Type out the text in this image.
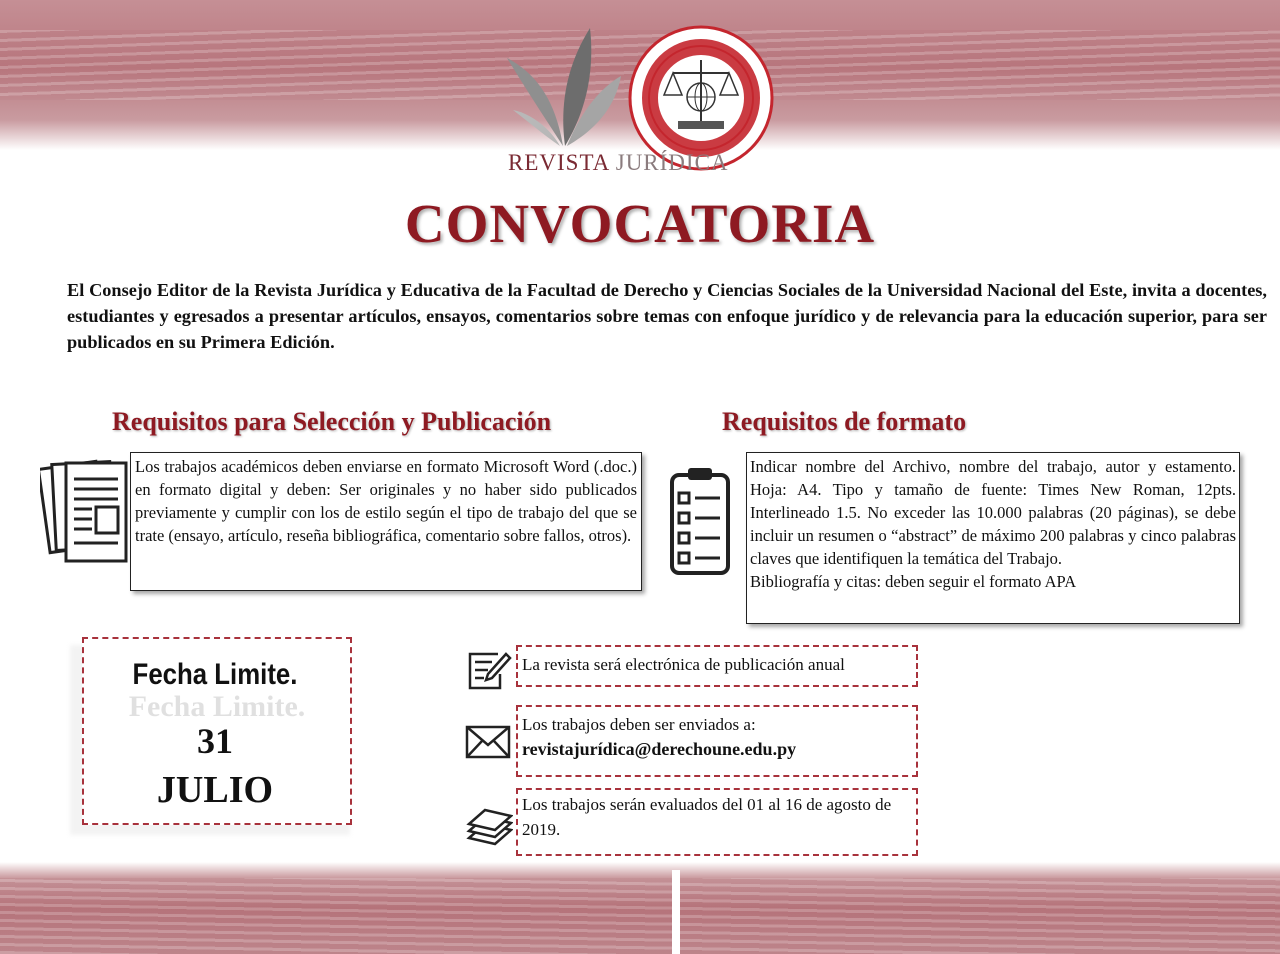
REVISTA JURÍDICA
CONVOCATORIA
El Consejo Editor de la Revista Jurídica y Educativa de la Facultad de Derecho y Ciencias Sociales de la Universidad Nacional del Este, invita a docentes, estudiantes y egresados a presentar artículos, ensayos, comentarios sobre temas con enfoque jurídico y de relevancia para la educación superior, para ser publicados en su Primera Edición.
Requisitos para Selección y Publicación

Los trabajos académicos deben enviarse en formato Microsoft Word (.doc.) en formato digital y deben: Ser originales y no haber sido publicados previamente y cumplir con los de estilo según el tipo de trabajo del que se trate (ensayo, artículo, reseña bibliográfica, comentario sobre fallos, otros).

Requisitos de formato

Indicar nombre del Archivo, nombre del trabajo, autor y estamento. Hoja: A4. Tipo y tamaño de fuente: Times New Roman, 12pts. Interlineado 1.5. No exceder las 10.000 palabras (20 páginas), se debe incluir un resumen o “abstract” de máximo 200 palabras y cinco palabras claves que identifiquen la temática del Trabajo.

Bibliografía y citas: deben seguir el formato APA

Fecha Limite.
Fecha Limite.
31
JULIO
La revista será electrónica de publicación anual
Los trabajos deben ser enviados a:
revistajurídica@derechoune.edu.py
Los trabajos serán evaluados del 01 al 16 de agosto de 2019.
